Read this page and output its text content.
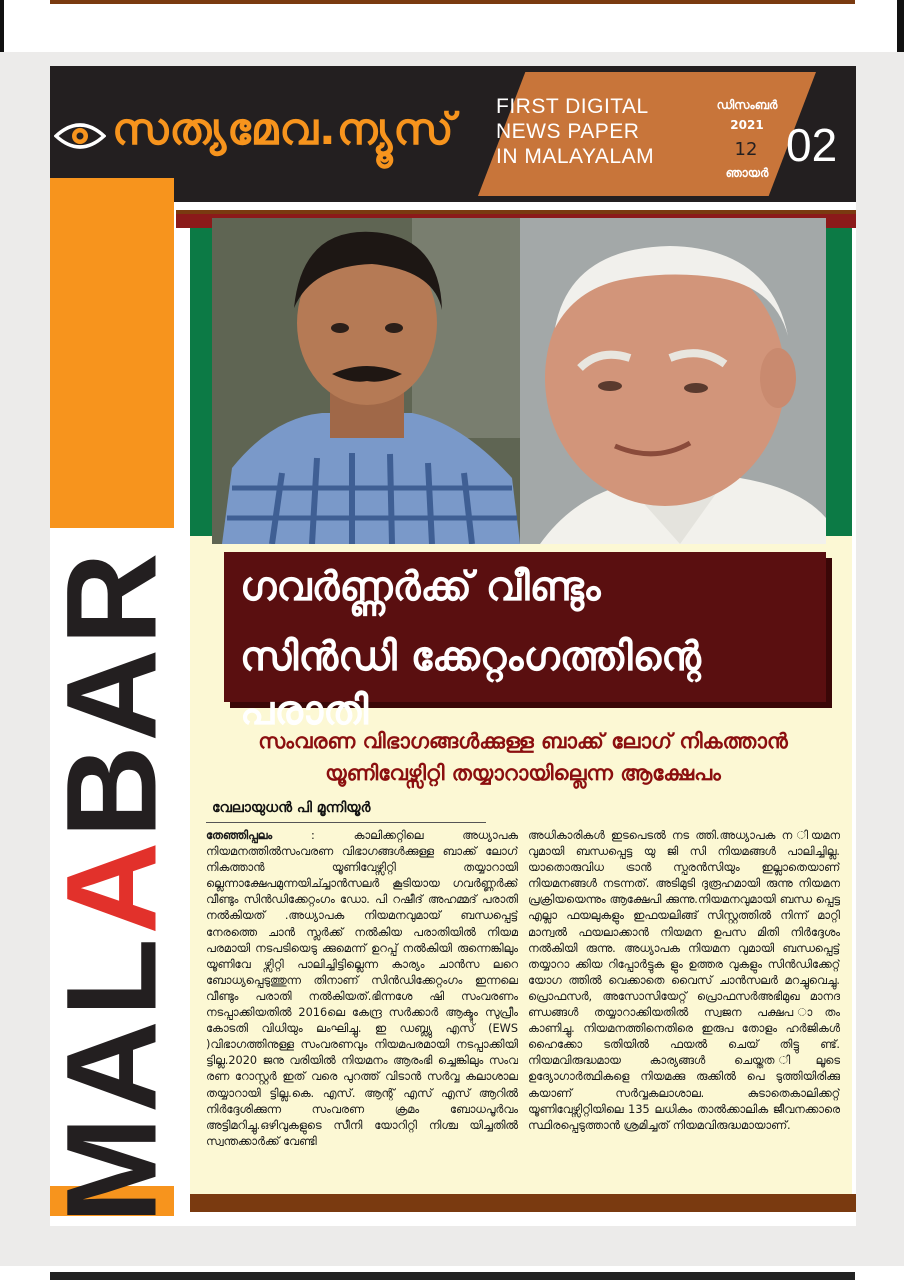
സത്യമേവ.ന്യൂസ് FIRST DIGITAL
NEWS PAPER
IN MALAYALAM
ഡിസംബർ
2021
12
ഞായർ
02
MALABAR	ഗവർണ്ണർക്ക് വീണ്ടും
സിൻഡി ക്കേറ്റംഗത്തിന്റെ പരാതി
സംവരണ വിഭാഗങ്ങൾക്കുള്ള ബാക്ക് ലോഗ് നികത്താൻ
യൂണിവേഴ്സിറ്റി തയ്യാറായില്ലെന്ന ആക്ഷേപം
വേലായുധൻ പി മൂന്നിയൂർ

തേഞ്ഞിപ്പലം	: കാലിക്കറ്റിലെ അധ്യാപക നിയമനത്തിൽസംവരണ വിഭാഗങ്ങൾക്കുള്ള ബാക്ക് ലോഗ് നികത്താൻ യൂണിവേഴ്സിറ്റി തയ്യാറായി ല്ലെന്നാക്ഷേപമുന്നയിച്ച്ചാൻസലർ കൂടിയായ ഗവർണ്ണർക്ക് വീണ്ടും സിൻഡിക്കേറ്റംഗം ഡോ. പി റഷീദ് അഹമ്മദ് പരാതി നൽകിയത് .അധ്യാപക നിയമനവുമായ് ബന്ധപ്പെട്ട് നേരത്തെ ചാൻ സ്ലർക്ക് നൽകിയ പരാതിയിൽ നിയമ പരമായി നടപടിയെടു ക്കുമെന്ന് ഉറപ്പ് നൽകിയി രുന്നെങ്കിലും യൂണിവേ ഴ്സിറ്റി പാലിച്ചിട്ടില്ലെന്ന കാര്യം ചാൻസ ലറെ ബോധ്യപ്പെടുത്തുന്ന തിനാണ് സിൻഡിക്കേറ്റംഗം ഇന്നലെ വീണ്ടും പരാതി നൽകിയത്.ഭിന്നശേ ഷി സംവരണം നടപ്പാക്കിയതിൽ 2016ലെ കേന്ദ്ര സർക്കാർ ആക്ടും സുപ്രീം കോടതി വിധിയും ലംഘിച്ചു. ഇ ഡബ്ല്യു എസ് (EWS )വിഭാഗത്തിനുള്ള സംവരണവും നിയമപരമായി നടപ്പാക്കിയി ട്ടില്ല.2020 ജനു വരിയിൽ നിയമനം ആരംഭി ച്ചെങ്കിലും സംവ രണ റോസ്റ്റർ ഇത് വരെ പുറത്ത് വിടാൻ സർവ്വ കലാശാല തയ്യാറായി ട്ടില്ല.കെ. എസ്. ആന്റ് എസ് എസ് ആറിൽ നിർദ്ദേശിക്കുന്ന സംവരണ ക്രമം ബോധപൂർവം അട്ടിമറിച്ചു.ഒഴിവുകളുടെ സീനി യോറിറ്റി നിശ്ച യിച്ചതിൽ സ്വന്തക്കാർക്ക് വേണ്ടി

അധികാരികൾ ഇടപെടൽ നട ത്തി.അധ്യാപക ന ിയമന വുമായി ബന്ധപ്പെട്ട യു ജി സി നിയമങ്ങൾ പാലിച്ചില്ല. യാതൊരുവിധ ട്രാൻ സ്പരൻസിയും ഇല്ലാതെയാണ് നിയമനങ്ങൾ നടന്നത്. അടിമുടി ദുരൂഹമായി രുന്നു നിയമന പ്രക്രിയയെന്നും ആക്ഷേപി ക്കുന്നു.നിയമനവുമായി ബന്ധ പ്പെട്ട എല്ലാ ഫയലുകളും ഇഫയലിങ്ങ് സിസ്റ്റത്തിൽ നിന്ന് മാറ്റി മാന്വൽ ഫയലാക്കാൻ നിയമന ഉപസ മിതി നിർദ്ദേശം നൽകിയി രുന്നു. അധ്യാപക നിയമന വുമായി ബന്ധപ്പെട്ട് തയ്യാറാ ക്കിയ റിപ്പോർട്ടുക ളും ഉത്തര വുകളും സിൻഡിക്കേറ്റ് യോഗ ത്തിൽ വെക്കാതെ വൈസ് ചാൻസലർ മറച്ചുവെച്ചു. പ്രൊഫസർ, അസോസിയേറ്റ് പ്രൊഫസർഅഭിമുഖ മാനദ ണ്ഡങ്ങൾ തയ്യാറാക്കിയതിൽ സ്വജന പക്ഷപ ാതം കാണിച്ചു. നിയമനത്തിനെതിരെ ഇരുപ തോളം ഹർജികൾ ഹൈക്കോ ടതിയിൽ ഫയൽ ചെയ് തിട്ടു ണ്ട്. നിയമവിരുദ്ധമായ കാര്യങ്ങൾ ചെയ്തത ിലൂടെ ഉദ്യോഗാർത്ഥികളെ നിയമക്കു രുക്കിൽ പെ ടുത്തിയിരിക്കു കയാണ് സർവ്വകലാശാല. കുടാതെകാലിക്കറ്റ് യൂണിവേഴ്സിറ്റിയിലെ 135 ലധികം താൽക്കാലിക ജീവനക്കാരെ സ്ഥിരപ്പെടുത്താൻ ശ്രമിച്ചത് നിയമവിരുദ്ധമായാണ്.
